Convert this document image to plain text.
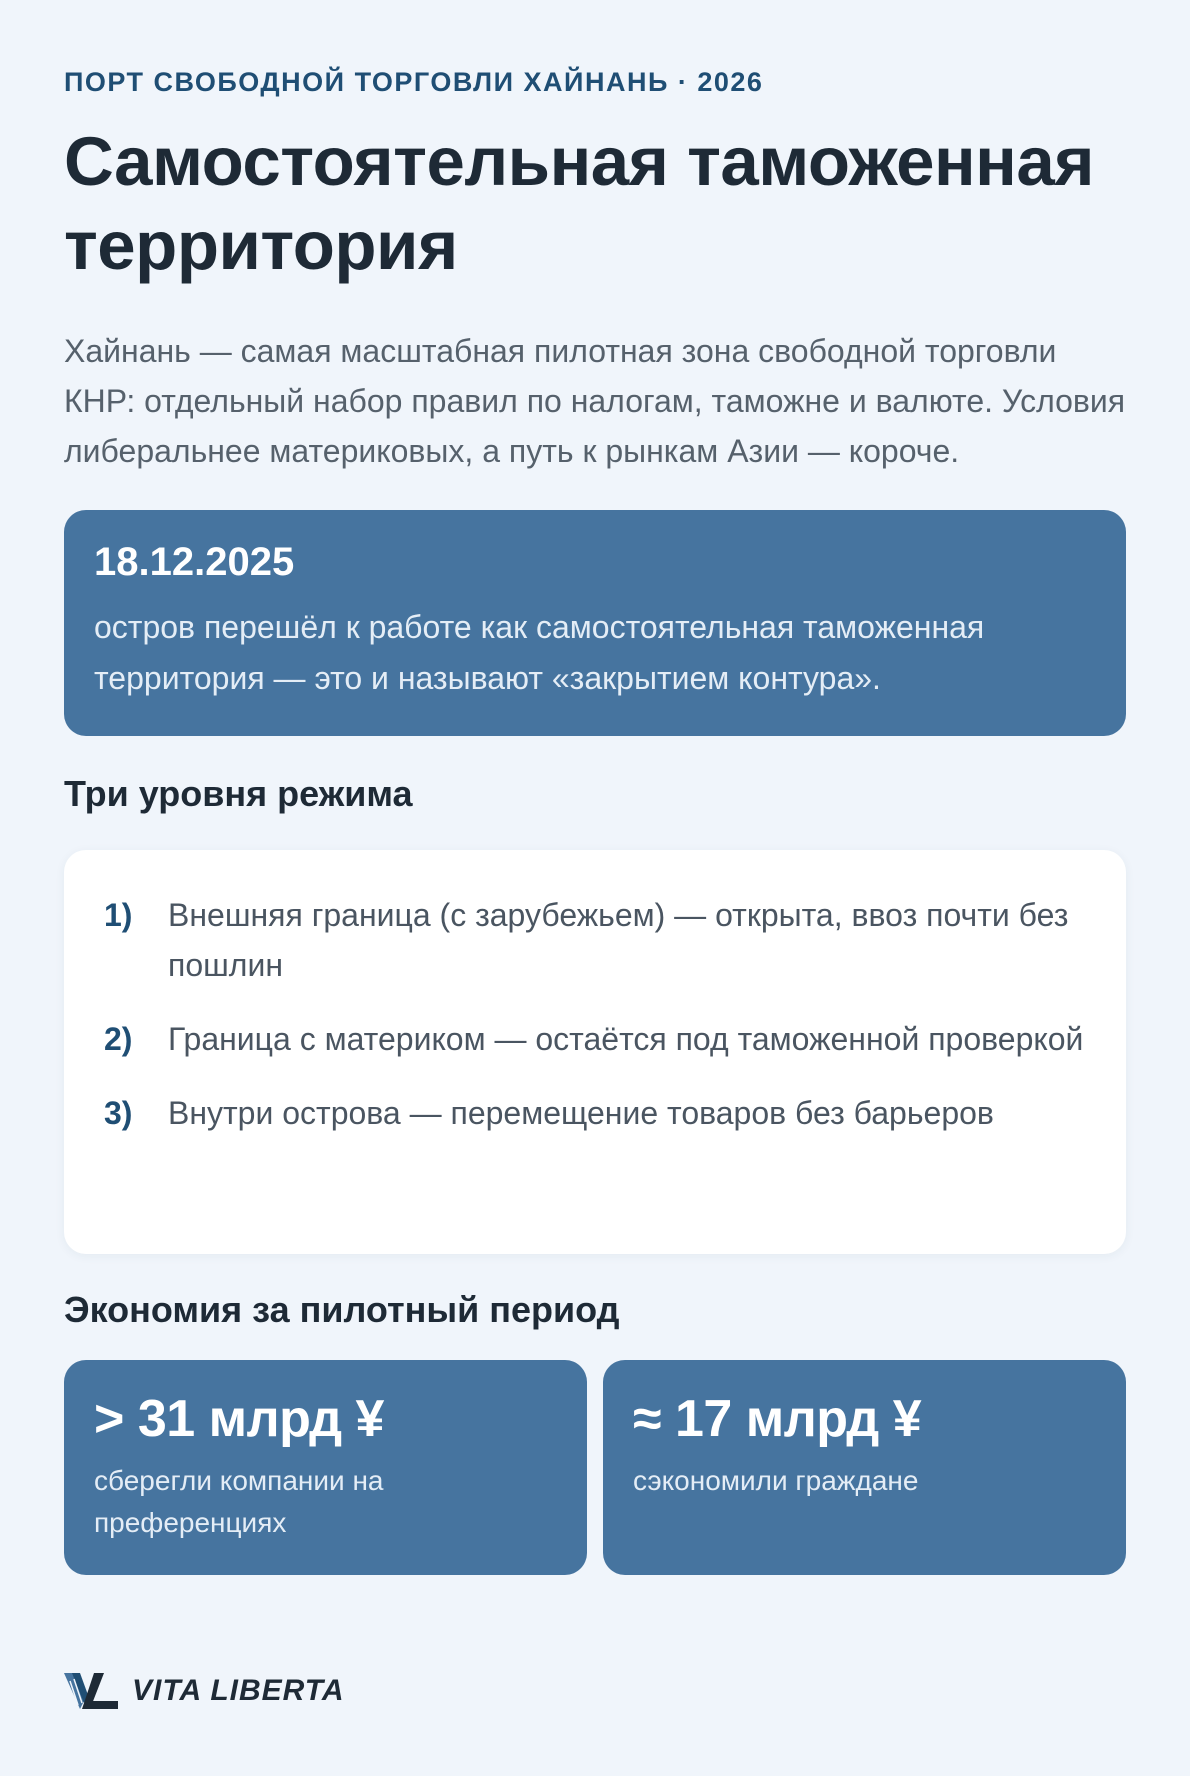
ПОРТ СВОБОДНОЙ ТОРГОВЛИ ХАЙНАНЬ · 2026

Самостоятельная таможенная территория

Хайнань — самая масштабная пилотная зона свободной торговли КНР: отдельный набор правил по налогам, таможне и валюте. Условия либеральнее материковых, а путь к рынкам Азии — короче.

18.12.2025
остров перешёл к работе как самостоятельная таможенная территория — это и называют «закрытием контура».
Три уровня режима
1)	Внешняя граница (с зарубежьем) — открыта, ввоз почти без пошлин
2)	Граница с материком — остаётся под таможенной проверкой
3)	Внутри острова — перемещение товаров без барьеров
Экономия за пилотный период
> 31 млрд ¥
сберегли компании на преференциях
≈ 17 млрд ¥
сэкономили граждане
VITA LIBERTA
